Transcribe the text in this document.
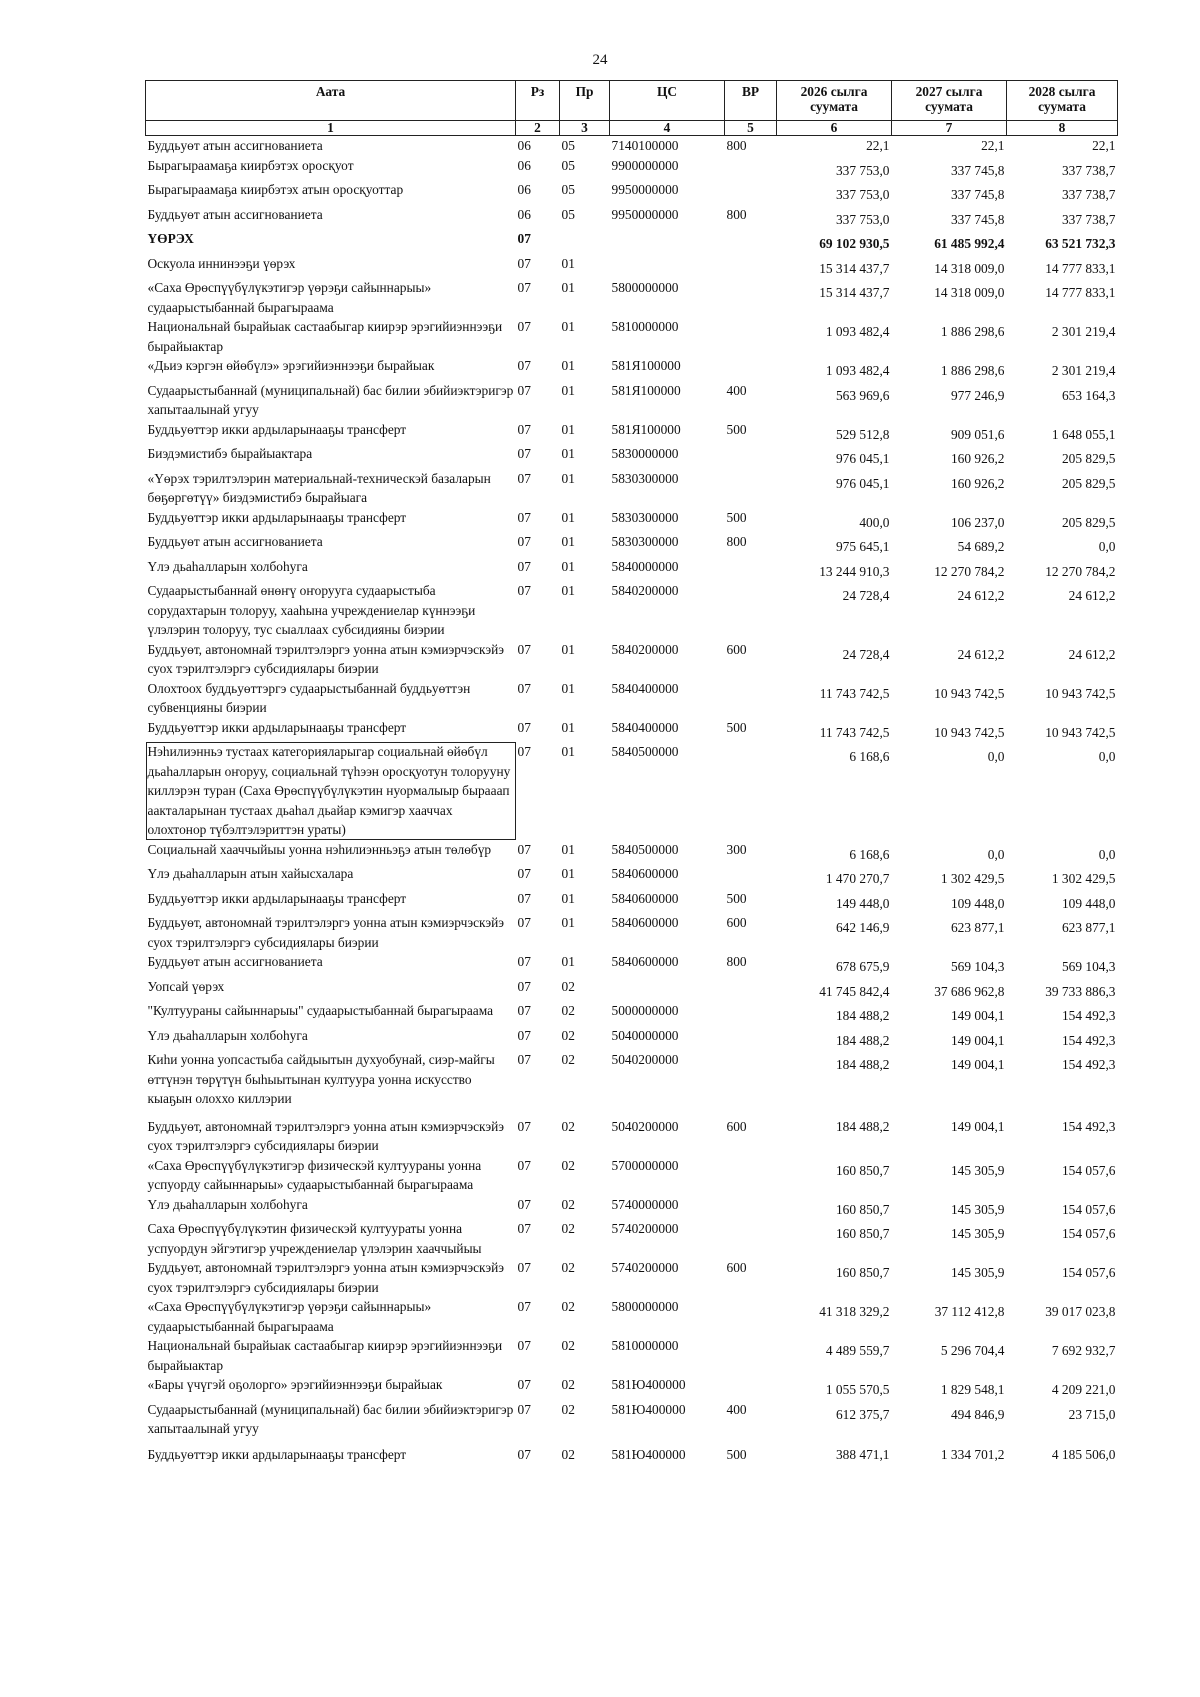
24
Аата	Рз	Пр	ЦС	ВР	2026 сылга суумата	2027 сылга суумата	2028 сылга суумата
1	2	3	4	5	6	7	8
Буддьуөт атын ассигнованиета	06	05	7140100000	800	22,1	22,1	22,1
Бырагыраамаҕа киирбэтэх оросқуот	06	05	9900000000		337 753,0	337 745,8	337 738,7
Бырагыраамаҕа киирбэтэх атын оросқуоттар	06	05	9950000000		337 753,0	337 745,8	337 738,7
Буддьуөт атын ассигнованиета	06	05	9950000000	800	337 753,0	337 745,8	337 738,7
ҮӨРЭХ	07				69 102 930,5	61 485 992,4	63 521 732,3
Оскуола иннинээҕи үөрэх	07	01			15 314 437,7	14 318 009,0	14 777 833,1
«Саха Өрөспүүбүлүкэтигэр үөрэҕи сайыннарыы» судаарыстыбаннай бырагыраама	07	01	5800000000		15 314 437,7	14 318 009,0	14 777 833,1
Национальнай бырайыак састаабыгар киирэр эрэгийиэннээҕи бырайыактар	07	01	5810000000		1 093 482,4	1 886 298,6	2 301 219,4
«Дьиэ кэргэн өйөбүлэ» эрэгийиэннээҕи бырайыак	07	01	581Я100000		1 093 482,4	1 886 298,6	2 301 219,4
Судаарыстыбаннай (муниципальнай) бас билии эбийиэктэригэр хапытаалынай угуу	07	01	581Я100000	400	563 969,6	977 246,9	653 164,3
Буддьуөттэр икки ардыларынааҕы трансферт	07	01	581Я100000	500	529 512,8	909 051,6	1 648 055,1
Биэдэмистибэ бырайыактара	07	01	5830000000		976 045,1	160 926,2	205 829,5
«Үөрэх тэрилтэлэрин материальнай-техническэй базаларын бөҕөргөтүү» биэдэмистибэ бырайыага	07	01	5830300000		976 045,1	160 926,2	205 829,5
Буддьуөттэр икки ардыларынааҕы трансферт	07	01	5830300000	500	400,0	106 237,0	205 829,5
Буддьуөт атын ассигнованиета	07	01	5830300000	800	975 645,1	54 689,2	0,0
Үлэ дьаһалларын холбоһуга	07	01	5840000000		13 244 910,3	12 270 784,2	12 270 784,2
Судаарыстыбаннай өнөҥү оҥорууга судаарыстыба сорудахтарын толоруу, хааһына учреждениелар күннээҕи үлэлэрин толоруу, тус сыаллаах субсидияны биэрии	07	01	5840200000		24 728,4	24 612,2	24 612,2
Буддьуөт, автономнай тэрилтэлэргэ уонна атын кэмиэрчэскэйэ суох тэрилтэлэргэ субсидиялары биэрии	07	01	5840200000	600	24 728,4	24 612,2	24 612,2
Олохтоох буддьуөттэргэ судаарыстыбаннай буддьуөттэн субвенцияны биэрии	07	01	5840400000		11 743 742,5	10 943 742,5	10 943 742,5
Буддьуөттэр икки ардыларынааҕы трансферт	07	01	5840400000	500	11 743 742,5	10 943 742,5	10 943 742,5
Нэһилиэнньэ тустаах категорияларыгар социальнай өйөбүл дьаһалларын оҥоруу, социальнай түһээн оросқуотун толорууну киллэрэн туран (Саха Өрөспүүбүлүкэтин нуормалыыр бырааап аакталарынан тустаах дьаһал дьайар кэмигэр хааччах олохтонор түбэлтэлэриттэн ураты)	07	01	5840500000		6 168,6	0,0	0,0
Социальнай хааччыйыы уонна нэһилиэнньэҕэ атын төлөбүр	07	01	5840500000	300	6 168,6	0,0	0,0
Үлэ дьаһалларын атын хайысхалара	07	01	5840600000		1 470 270,7	1 302 429,5	1 302 429,5
Буддьуөттэр икки ардыларынааҕы трансферт	07	01	5840600000	500	149 448,0	109 448,0	109 448,0
Буддьуөт, автономнай тэрилтэлэргэ уонна атын кэмиэрчэскэйэ суох тэрилтэлэргэ субсидиялары биэрии	07	01	5840600000	600	642 146,9	623 877,1	623 877,1
Буддьуөт атын ассигнованиета	07	01	5840600000	800	678 675,9	569 104,3	569 104,3
Уопсай үөрэх	07	02			41 745 842,4	37 686 962,8	39 733 886,3
"Култуураны сайыннарыы" судаарыстыбаннай бырагыраама	07	02	5000000000		184 488,2	149 004,1	154 492,3
Үлэ дьаһалларын холбоһуга	07	02	5040000000		184 488,2	149 004,1	154 492,3
Киһи уонна уопсастыба сайдыытын духуобунай, сиэр-майгы өттүнэн төрүтүн быһыытынан култуура уонна искусство кыаҕын олоххо киллэрии	07	02	5040200000		184 488,2	149 004,1	154 492,3
Буддьуөт, автономнай тэрилтэлэргэ уонна атын кэмиэрчэскэйэ суох тэрилтэлэргэ субсидиялары биэрии	07	02	5040200000	600	184 488,2	149 004,1	154 492,3
«Саха Өрөспүүбүлүкэтигэр физическэй култуураны уонна успуорду сайыннарыы» судаарыстыбаннай бырагыраама	07	02	5700000000		160 850,7	145 305,9	154 057,6
Үлэ дьаһалларын холбоһуга	07	02	5740000000		160 850,7	145 305,9	154 057,6
Саха Өрөспүүбүлүкэтин физическэй култуураты уонна успуордун эйгэтигэр учреждениелар үлэлэрин хааччыйыы	07	02	5740200000		160 850,7	145 305,9	154 057,6
Буддьуөт, автономнай тэрилтэлэргэ уонна атын кэмиэрчэскэйэ суох тэрилтэлэргэ субсидиялары биэрии	07	02	5740200000	600	160 850,7	145 305,9	154 057,6
«Саха Өрөспүүбүлүкэтигэр үөрэҕи сайыннарыы» судаарыстыбаннай бырагыраама	07	02	5800000000		41 318 329,2	37 112 412,8	39 017 023,8
Национальнай бырайыак састаабыгар киирэр эрэгийиэннээҕи бырайыактар	07	02	5810000000		4 489 559,7	5 296 704,4	7 692 932,7
«Бары үчүгэй оҕолорго» эрэгийиэннээҕи бырайыак	07	02	581Ю400000		1 055 570,5	1 829 548,1	4 209 221,0
Судаарыстыбаннай (муниципальнай) бас билии эбийиэктэригэр хапытаалынай угуу	07	02	581Ю400000	400	612 375,7	494 846,9	23 715,0
Буддьуөттэр икки ардыларынааҕы трансферт	07	02	581Ю400000	500	388 471,1	1 334 701,2	4 185 506,0
